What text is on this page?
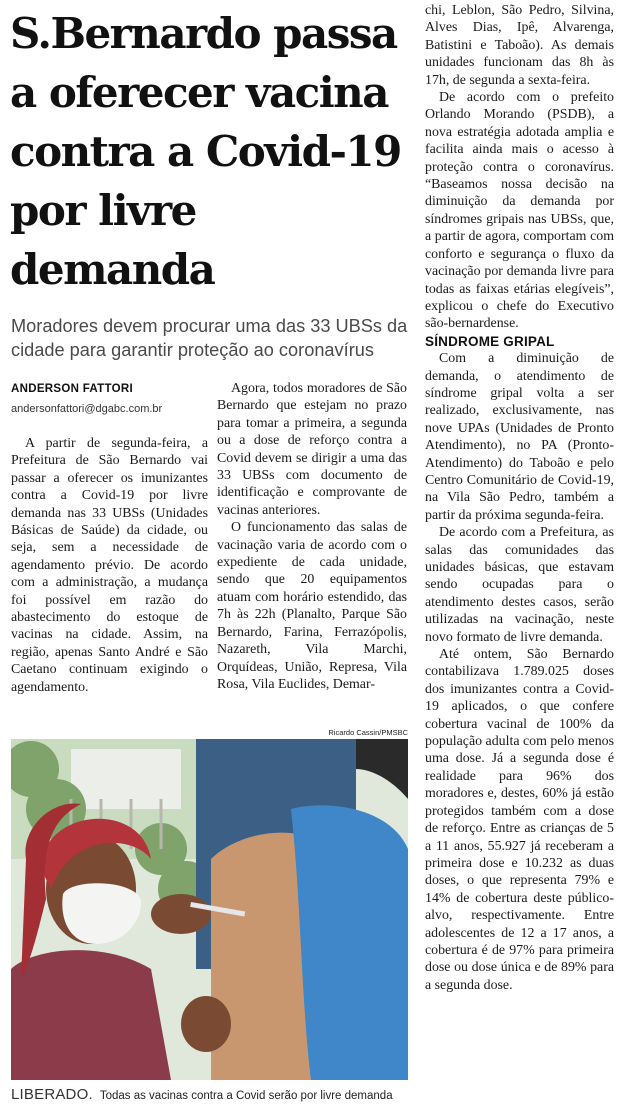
S.Bernardo passa a oferecer vacina contra a Covid-19 por livre demanda

Moradores devem procurar uma das 33 UBSs da cidade para garantir proteção ao coronavírus

ANDERSON FATTORI
andersonfattori@dgabc.com.br

A partir de segunda-feira, a Prefeitura de São Bernardo vai passar a oferecer os imunizantes contra a Covid-19 por livre demanda nas 33 UBSs (Unidades Básicas de Saúde) da cidade, ou seja, sem a necessidade de agendamento prévio. De acordo com a administração, a mudança foi possível em razão do abastecimento do estoque de vacinas na cidade. Assim, na região, apenas Santo André e São Caetano continuam exigindo o agendamento.

Agora, todos moradores de São Bernardo que estejam no prazo para tomar a primeira, a segunda ou a dose de reforço contra a Covid devem se dirigir a uma das 33 UBSs com documento de identificação e comprovante de vacinas anteriores.

O funcionamento das salas de vacinação varia de acordo com o expediente de cada unidade, sendo que 20 equipamentos atuam com horário estendido, das 7h às 22h (Planalto, Parque São Bernardo, Farina, Ferrazópolis, Nazareth, Vila Marchi, Orquídeas, União, Represa, Vila Rosa, Vila Euclides, Demar-

chi, Leblon, São Pedro, Silvina, Alves Dias, Ipê, Alvarenga, Batistini e Taboão). As demais unidades funcionam das 8h às 17h, de segunda a sexta-feira.

De acordo com o prefeito Orlando Morando (PSDB), a nova estratégia adotada amplia e facilita ainda mais o acesso à proteção contra o coronavírus. “Baseamos nossa decisão na diminuição da demanda por síndromes gripais nas UBSs, que, a partir de agora, comportam com conforto e segurança o fluxo da vacinação por demanda livre para todas as faixas etárias elegíveis”, explicou o chefe do Executivo são-bernardense.

SÍNDROME GRIPAL

Com a diminuição de demanda, o atendimento de síndrome gripal volta a ser realizado, exclusivamente, nas nove UPAs (Unidades de Pronto Atendimento), no PA (Pronto-Atendimento) do Taboão e pelo Centro Comunitário de Covid-19, na Vila São Pedro, também a partir da próxima segunda-feira.

De acordo com a Prefeitura, as salas das comunidades das unidades básicas, que estavam sendo ocupadas para o atendimento destes casos, serão utilizadas na vacinação, neste novo formato de livre demanda.

Até ontem, São Bernardo contabilizava 1.789.025 doses dos imunizantes contra a Covid-19 aplicados, o que confere cobertura vacinal de 100% da população adulta com pelo menos uma dose. Já a segunda dose é realidade para 96% dos moradores e, destes, 60% já estão protegidos também com a dose de reforço. Entre as crianças de 5 a 11 anos, 55.927 já receberam a primeira dose e 10.232 as duas doses, o que representa 79% e 14% de cobertura deste público-alvo, respectivamente. Entre adolescentes de 12 a 17 anos, a cobertura é de 97% para primeira dose ou dose única e de 89% para a segunda dose.

Ricardo Cassin/PMSBC
LIBERADO. Todas as vacinas contra a Covid serão por livre demanda
